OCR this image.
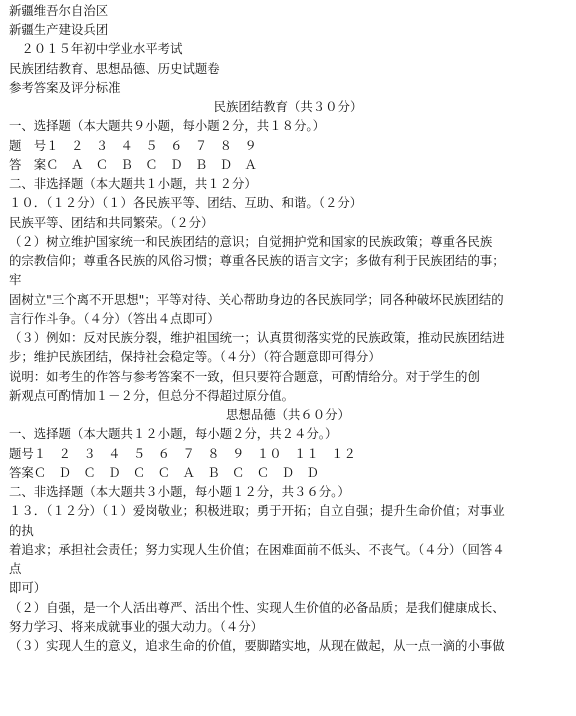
新疆维吾尔自治区
新疆生产建设兵团
　２０１５年初中学业水平考试
民族团结教育、思想品德、历史试题卷
参考答案及评分标准
民族团结教育（共３０分）
一、选择题（本大题共９小题，每小题２分，共１８分。）
题　号１　２　３　４　５　６　７　８　９
答　案Ｃ　Ａ　Ｃ　Ｂ　Ｃ　Ｄ　Ｂ　Ｄ　Ａ
二、非选择题（本大题共１小题，共１２分）
１０．（１２分）（１）各民族平等、团结、互助、和谐。（２分）
民族平等、团结和共同繁荣。（２分）
（２）树立维护国家统一和民族团结的意识；自觉拥护党和国家的民族政策；尊重各民族
的宗教信仰；尊重各民族的风俗习惯；尊重各民族的语言文字；多做有利于民族团结的事；
牢
固树立"三个离不开思想"；平等对待、关心帮助身边的各民族同学；同各种破坏民族团结的
言行作斗争。（４分）（答出４点即可）
（３）例如：反对民族分裂，维护祖国统一；认真贯彻落实党的民族政策，推动民族团结进
步；维护民族团结，保持社会稳定等。（４分）（符合题意即可得分）
说明：如考生的作答与参考答案不一致，但只要符合题意，可酌情给分。对于学生的创
新观点可酌情加１－２分，但总分不得超过原分值。
思想品德（共６０分）
一、选择题（本大题共１２小题，每小题２分，共２４分。）
题号１　２　３　４　５　６　７　８　９　１０　１１　１２
答案Ｃ　Ｄ　Ｃ　Ｄ　Ｃ　Ｃ　Ａ　Ｂ　Ｃ　Ｃ　Ｄ　Ｄ
二、非选择题（本大题共３小题，每小题１２分，共３６分。）
１３．（１２分）（１）爱岗敬业；积极进取；勇于开拓；自立自强；提升生命价值；对事业
的执
着追求；承担社会责任；努力实现人生价值；在困难面前不低头、不丧气。（４分）（回答４
点
即可）
（２）自强，是一个人活出尊严、活出个性、实现人生价值的必备品质；是我们健康成长、
努力学习、将来成就事业的强大动力。（４分）
（３）实现人生的意义，追求生命的价值，要脚踏实地，从现在做起，从一点一滴的小事做
